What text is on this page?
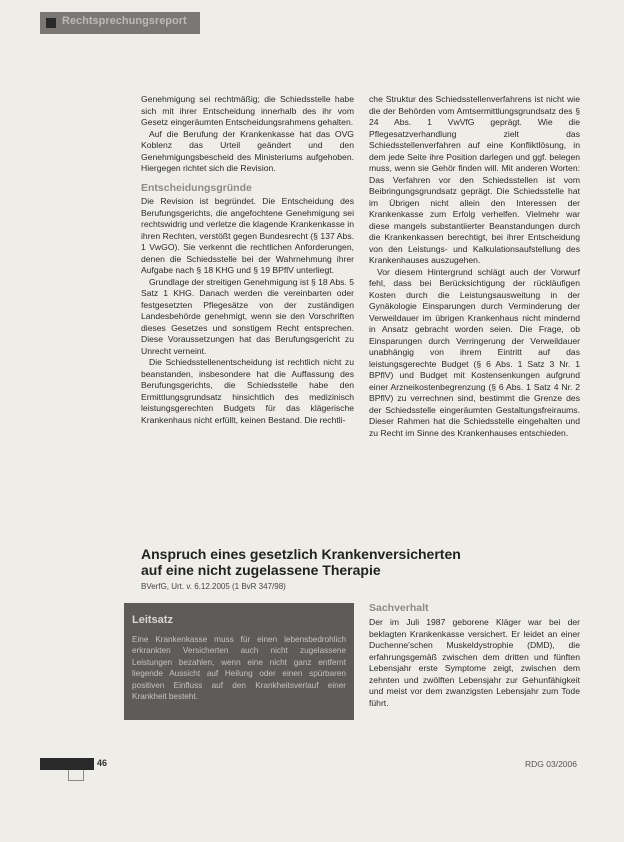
Rechtsprechungsreport

Genehmigung sei rechtmäßig; die Schiedsstelle habe sich mit ihrer Entscheidung innerhalb des ihr vom Gesetz eingeräumten Entscheidungsrahmens gehalten.

Auf die Berufung der Krankenkasse hat das OVG Koblenz das Urteil geändert und den Genehmigungsbescheid des Ministeriums aufgehoben. Hiergegen richtet sich die Revision.

Entscheidungsgründe

Die Revision ist begründet. Die Entscheidung des Berufungsgerichts, die angefochtene Genehmigung sei rechtswidrig und verletze die klagende Krankenkasse in ihren Rechten, verstößt gegen Bundesrecht (§ 137 Abs. 1 VwGO). Sie verkennt die rechtlichen Anforderungen, denen die Schiedsstelle bei der Wahrnehmung ihrer Aufgabe nach § 18 KHG und § 19 BPflV unterliegt.

Grundlage der streitigen Genehmigung ist § 18 Abs. 5 Satz 1 KHG. Danach werden die vereinbarten oder festgesetzten Pflegesätze von der zuständigen Landesbehörde genehmigt, wenn sie den Vorschriften dieses Gesetzes und sonstigem Recht entsprechen. Diese Voraussetzungen hat das Berufungsgericht zu Unrecht verneint.

Die Schiedsstellenentscheidung ist rechtlich nicht zu beanstanden, insbesondere hat die Auffassung des Berufungsgerichts, die Schiedsstelle habe den Ermittlungsgrundsatz hinsichtlich des medizinisch leistungsgerechten Budgets für das klägerische Krankenhaus nicht erfüllt, keinen Bestand. Die rechtli-

che Struktur des Schiedsstellenverfahrens ist nicht wie die der Behörden vom Amtsermittlungsgrundsatz des § 24 Abs. 1 VwVfG geprägt. Wie die Pflegesatzverhandlung zielt das Schiedsstellenverfahren auf eine Konfliktlösung, in dem jede Seite ihre Position darlegen und ggf. belegen muss, wenn sie Gehör finden will. Mit anderen Worten: Das Verfahren vor den Schiedsstellen ist vom Beibringungsgrundsatz geprägt. Die Schiedsstelle hat im Übrigen nicht allein den Interessen der Krankenkasse zum Erfolg verhelfen. Vielmehr war diese mangels substantiierter Beanstandungen durch die Krankenkassen berechtigt, bei ihrer Entscheidung von den Leistungs- und Kalkulationsaufstellung des Krankenhauses auszugehen.

Vor diesem Hintergrund schlägt auch der Vorwurf fehl, dass bei Berücksichtigung der rückläufigen Kosten durch die Leistungsausweitung in der Gynäkologie Einsparungen durch Verminderung der Verweildauer im übrigen Krankenhaus nicht mindernd in Ansatz gebracht worden seien. Die Frage, ob Einsparungen durch Verringerung der Verweildauer unabhängig von ihrem Eintritt auf das leistungsgerechte Budget (§ 6 Abs. 1 Satz 3 Nr. 1 BPflV) und Budget mit Kostensenkungen aufgrund einer Arzneikostenbegrenzung (§ 6 Abs. 1 Satz 4 Nr. 2 BPflV) zu verrechnen sind, bestimmt die Grenze des der Schiedsstelle eingeräumten Gestaltungsfreiraums. Dieser Rahmen hat die Schiedsstelle eingehalten und zu Recht im Sinne des Krankenhauses entschieden.

Anspruch eines gesetzlich Krankenversicherten
auf eine nicht zugelassene Therapie
BVerfG, Urt. v. 6.12.2005 (1 BvR 347/98)
Leitsatz
Eine Krankenkasse muss für einen lebensbedrohlich erkrankten Versicherten auch nicht zugelassene Leistungen bezahlen, wenn eine nicht ganz entfernt liegende Aussicht auf Heilung oder einen spürbaren positiven Einfluss auf den Krankheitsverlauf einer Krankheit besteht.
Sachverhalt
Der im Juli 1987 geborene Kläger war bei der beklagten Krankenkasse versichert. Er leidet an einer Duchenne'schen Muskeldystrophie (DMD), die erfahrungsgemäß zwischen dem dritten und fünften Lebensjahr erste Symptome zeigt, zwischen dem zehnten und zwölften Lebensjahr zur Gehunfähigkeit und meist vor dem zwanzigsten Lebensjahr zum Tode führt.
46	RDG 03/2006
